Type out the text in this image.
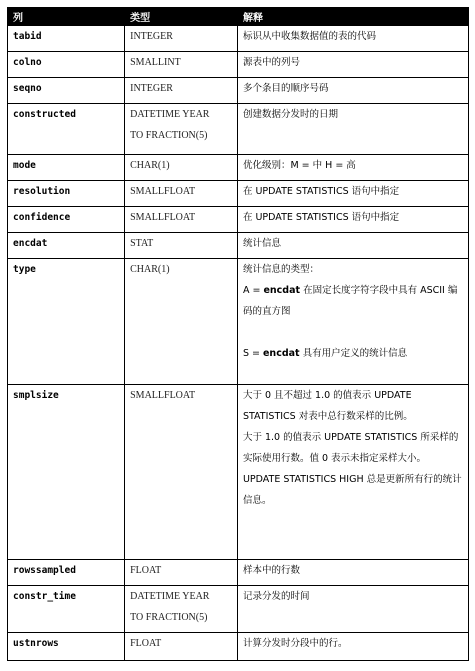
列	类型	解释
tabid	INTEGER	标识从中收集数据值的表的代码
colno	SMALLINT	源表中的列号
seqno	INTEGER	多个条目的顺序号码
constructed	DATETIME YEAR TO FRACTION(5)	创建数据分发时的日期
mode	CHAR(1)	优化级别：M = 中 H = 高
resolution	SMALLFLOAT	在 UPDATE STATISTICS 语句中指定
confidence	SMALLFLOAT	在 UPDATE STATISTICS 语句中指定
encdat	STAT	统计信息
type	CHAR(1)	统计信息的类型：
A = encdat 在固定长度字符字段中具有 ASCII 编码的直方图
S = encdat 具有用户定义的统计信息

smplsize	SMALLFLOAT	大于 0 且不超过 1.0 的值表示 UPDATE STATISTICS 对表中总行数采样的比例。
大于 1.0 的值表示 UPDATE STATISTICS 所采样的实际使用行数。值 0 表示未指定采样大小。UPDATE STATISTICS HIGH 总是更新所有行的统计信息。

rowssampled	FLOAT	样本中的行数
constr_time	DATETIME YEAR TO FRACTION(5)	记录分发的时间
ustnrows	FLOAT	计算分发时分段中的行。
